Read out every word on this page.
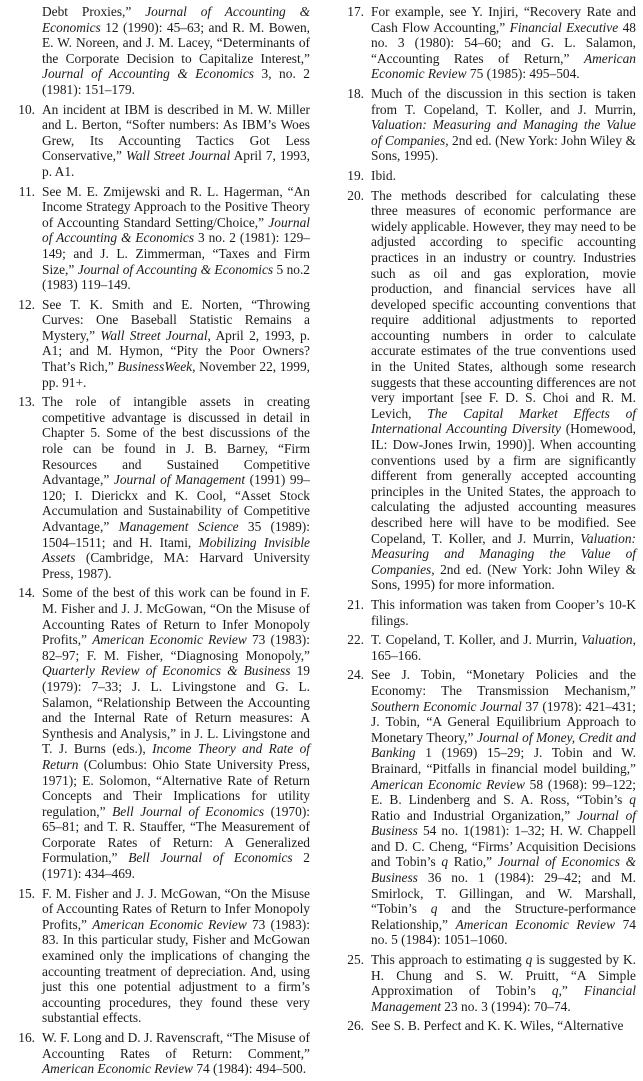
Debt Proxies,” Journal of Accounting & Economics 12 (1990): 45–63; and R. M. Bowen, E. W. Noreen, and J. M. Lacey, “Determinants of the Corporate Decision to Capitalize Interest,” Journal of Accounting & Economics 3, no. 2 (1981): 151–179.

10. An incident at IBM is described in M. W. Miller and L. Berton, “Softer numbers: As IBM’s Woes Grew, Its Accounting Tactics Got Less Conservative,” Wall Street Journal April 7, 1993, p. A1.

11. See M. E. Zmijewski and R. L. Hagerman, “An Income Strategy Approach to the Positive Theory of Accounting Standard Setting/Choice,” Journal of Accounting & Economics 3 no. 2 (1981): 129–149; and J. L. Zimmerman, “Taxes and Firm Size,” Journal of Accounting & Economics 5 no.2 (1983) 119–149.

12. See T. K. Smith and E. Norten, “Throwing Curves: One Baseball Statistic Remains a Mystery,” Wall Street Journal, April 2, 1993, p. A1; and M. Hymon, “Pity the Poor Owners? That’s Rich,” BusinessWeek, November 22, 1999, pp. 91+.

13. The role of intangible assets in creating competitive advantage is discussed in detail in Chapter 5. Some of the best discussions of the role can be found in J. B. Barney, “Firm Resources and Sustained Competitive Advantage,” Journal of Management (1991) 99–120; I. Dierickx and K. Cool, “Asset Stock Accumulation and Sustainability of Competitive Advantage,” Management Science 35 (1989): 1504–1511; and H. Itami, Mobilizing Invisible Assets (Cambridge, MA: Harvard University Press, 1987).

14. Some of the best of this work can be found in F. M. Fisher and J. J. McGowan, “On the Misuse of Accounting Rates of Return to Infer Monopoly Profits,” American Economic Review 73 (1983): 82–97; F. M. Fisher, “Diagnosing Monopoly,” Quarterly Review of Economics & Business 19 (1979): 7–33; J. L. Livingstone and G. L. Salamon, “Relationship Between the Accounting and the Internal Rate of Return measures: A Synthesis and Analysis,” in J. L. Livingstone and T. J. Burns (eds.), Income Theory and Rate of Return (Columbus: Ohio State University Press, 1971); E. Solomon, “Alternative Rate of Return Concepts and Their Implications for utility regulation,” Bell Journal of Economics (1970): 65–81; and T. R. Stauffer, “The Measurement of Corporate Rates of Return: A Generalized Formulation,” Bell Journal of Economics 2 (1971): 434–469.

15. F. M. Fisher and J. J. McGowan, “On the Misuse of Accounting Rates of Return to Infer Monopoly Profits,” American Economic Review 73 (1983): 83. In this particular study, Fisher and McGowan examined only the implications of changing the accounting treatment of depreciation. And, using just this one potential adjustment to a firm’s accounting procedures, they found these very substantial effects.

16. W. F. Long and D. J. Ravenscraft, “The Misuse of Accounting Rates of Return: Comment,” American Economic Review 74 (1984): 494–500.

17. For example, see Y. Injiri, “Recovery Rate and Cash Flow Accounting,” Financial Executive 48 no. 3 (1980): 54–60; and G. L. Salamon, “Accounting Rates of Return,” American Economic Review 75 (1985): 495–504.

18. Much of the discussion in this section is taken from T. Copeland, T. Koller, and J. Murrin, Valuation: Measuring and Managing the Value of Companies, 2nd ed. (New York: John Wiley & Sons, 1995).

19. Ibid.

20. The methods described for calculating these three measures of economic performance are widely applicable. However, they may need to be adjusted according to specific accounting practices in an industry or country. Industries such as oil and gas exploration, movie production, and financial services have all developed specific accounting conventions that require additional adjustments to reported accounting numbers in order to calculate accurate estimates of the true conventions used in the United States, although some research suggests that these accounting differences are not very important [see F. D. S. Choi and R. M. Levich, The Capital Market Effects of International Accounting Diversity (Homewood, IL: Dow-Jones Irwin, 1990)]. When accounting conventions used by a firm are significantly different from generally accepted accounting principles in the United States, the approach to calculating the adjusted accounting measures described here will have to be modified. See Copeland, T. Koller, and J. Murrin, Valuation: Measuring and Managing the Value of Companies, 2nd ed. (New York: John Wiley & Sons, 1995) for more information.

21. This information was taken from Cooper’s 10-K filings.

22. T. Copeland, T. Koller, and J. Murrin, Valuation, 165–166.

24. See J. Tobin, “Monetary Policies and the Economy: The Transmission Mechanism,” Southern Economic Journal 37 (1978): 421–431; J. Tobin, “A General Equilibrium Approach to Monetary Theory,” Journal of Money, Credit and Banking 1 (1969) 15–29; J. Tobin and W. Brainard, “Pitfalls in financial model building,” American Economic Review 58 (1968): 99–122; E. B. Lindenberg and S. A. Ross, “Tobin’s q Ratio and Industrial Organization,” Journal of Business 54 no. 1(1981): 1–32; H. W. Chappell and D. C. Cheng, “Firms’ Acquisition Decisions and Tobin’s q Ratio,” Journal of Economics & Business 36 no. 1 (1984): 29–42; and M. Smirlock, T. Gillingan, and W. Marshall, “Tobin’s q and the Structure-performance Relationship,” American Economic Review 74 no. 5 (1984): 1051–1060.

25. This approach to estimating q is suggested by K. H. Chung and S. W. Pruitt, “A Simple Approximation of Tobin’s q,” Financial Management 23 no. 3 (1994): 70–74.

26. See S. B. Perfect and K. K. Wiles, “Alternative
